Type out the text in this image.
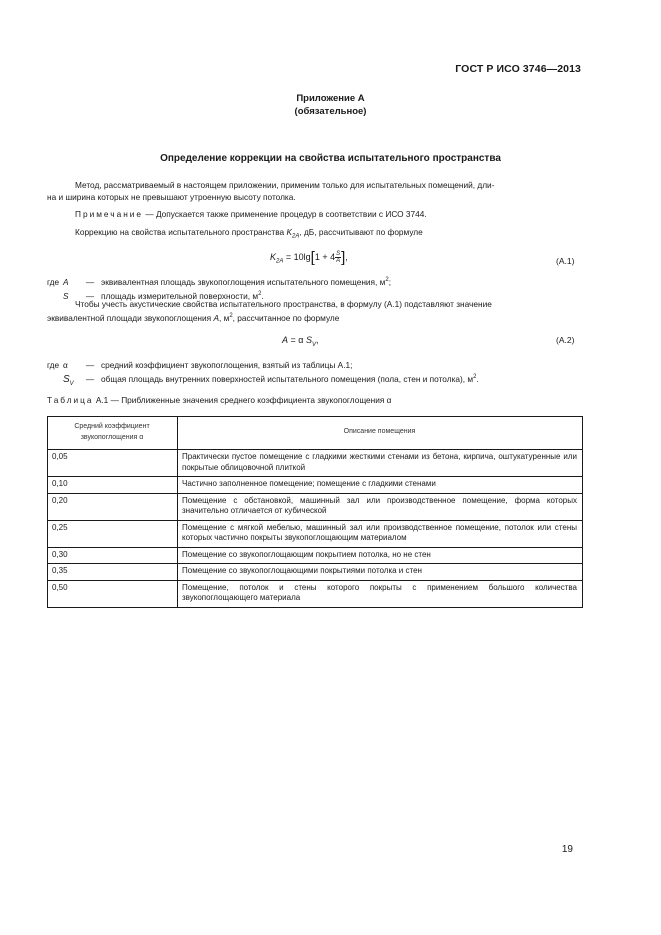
ГОСТ Р ИСО 3746—2013
Приложение А
(обязательное)
Определение коррекции на свойства испытательного пространства
Метод, рассматриваемый в настоящем приложении, применим только для испытательных помещений, дли-
на и ширина которых не превышают утроенную высоту потолка.
Примечание — Допускается также применение процедур в соответствии с ИСО 3744.
Коррекцию на свойства испытательного пространства $K_{2A}$, дБ, рассчитывают по формуле
$K_{2A} = 10\lg[1 + 4 \frac{S}{A}$ ],	(А.1)
где A — эквивалентная площадь звукопоглощения испытательного помещения, $м^2$;
S — площадь измерительной поверхности, $м^2$.
Чтобы учесть акустические свойства испытательного пространства, в формулу (А.1) подставляют значение
эквивалентной площади звукопоглощения A, $м^2$, рассчитанное по формуле
A = α $S_V$,	(А.2)
где α — средний коэффициент звукопоглощения, взятый из таблицы А.1;
$S_V$ — общая площадь внутренних поверхностей испытательного помещения (пола, стен и потолка), $м^2$.
Таблица А.1 — Приближенные значения среднего коэффициента звукопоглощения α
Средний коэффициент звукопоглощения α	Описание помещения
0,05	Практически пустое помещение с гладкими жесткими стенами из бетона, кирпича, оштукатуренные или покрытые облицовочной плиткой
0,10	Частично заполненное помещение; помещение с гладкими стенами
0,20	Помещение с обстановкой, машинный зал или производственное помещение, форма которых значительно отличается от кубической
0,25	Помещение с мягкой мебелью, машинный зал или производственное помещение, потолок или стены которых частично покрыты звукопоглощающим материалом
0,30	Помещение со звукопоглощающим покрытием потолка, но не стен
0,35	Помещение со звукопоглощающими покрытиями потолка и стен
0,50	Помещение, потолок и стены которого покрыты с применением большого количества звукопоглощающего материала
19
